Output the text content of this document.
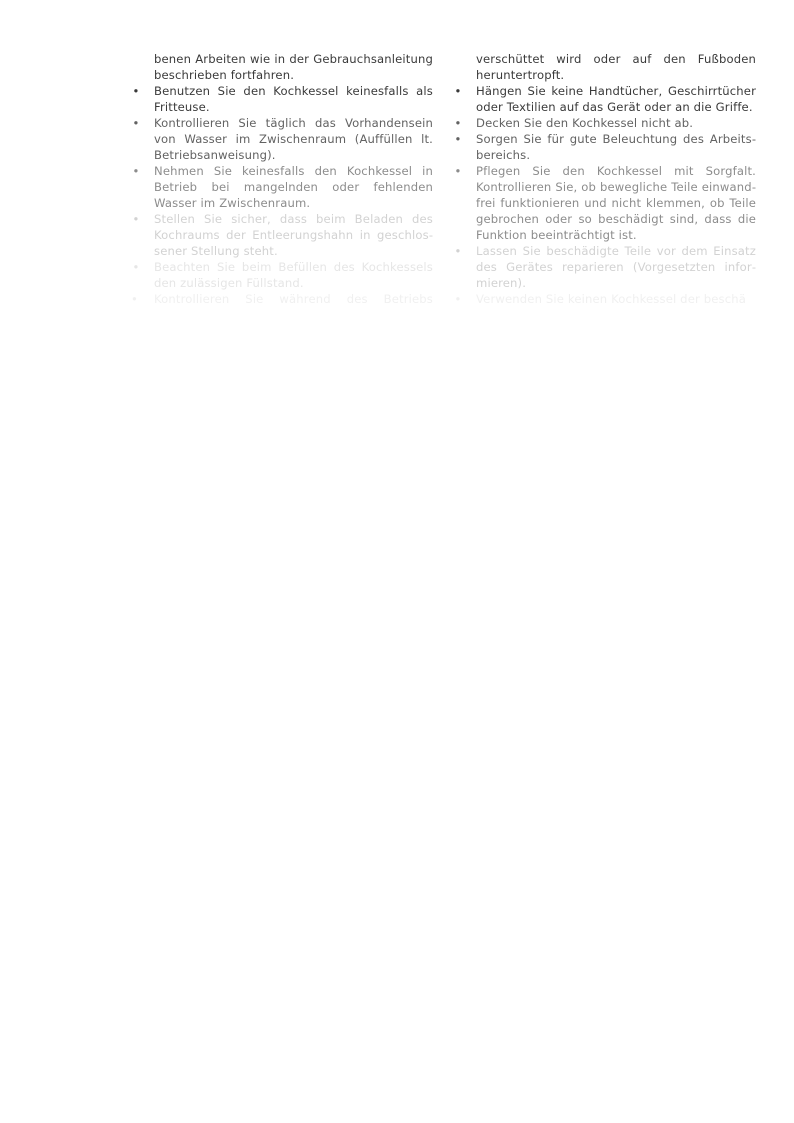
benen Arbeiten wie in der Gebrauchsanleitung beschrieben fortfahren.

• Benutzen Sie den Kochkessel keinesfalls als Fritteuse.
• Kontrollieren Sie täglich das Vorhandensein von Wasser im Zwischenraum (Auffüllen lt. Betriebsanweisung).
• Nehmen Sie keinesfalls den Kochkessel in Betrieb bei mangelnden oder fehlenden Wasser im Zwischenraum.
• Stellen Sie sicher, dass beim Beladen des Kochraums der Entleerungshahn in geschlossener Stellung steht.
• Beachten Sie beim Befüllen des Kochkessels den zulässigen Füllstand.
• Kontrollieren Sie während des Betriebs

verschüttet wird oder auf den Fußboden heruntertropft.

• Hängen Sie keine Handtücher, Geschirrtücher oder Textilien auf das Gerät oder an die Griffe.
• Decken Sie den Kochkessel nicht ab.
• Sorgen Sie für gute Beleuchtung des Arbeitsbereichs.
• Pflegen Sie den Kochkessel mit Sorgfalt. Kontrollieren Sie, ob bewegliche Teile einwandfrei funktionieren und nicht klemmen, ob Teile gebrochen oder so beschädigt sind, dass die Funktion beeinträchtigt ist.
• Lassen Sie beschädigte Teile vor dem Einsatz des Gerätes reparieren (Vorgesetzten informieren).
• Verwenden Sie keinen Kochkessel der beschä
